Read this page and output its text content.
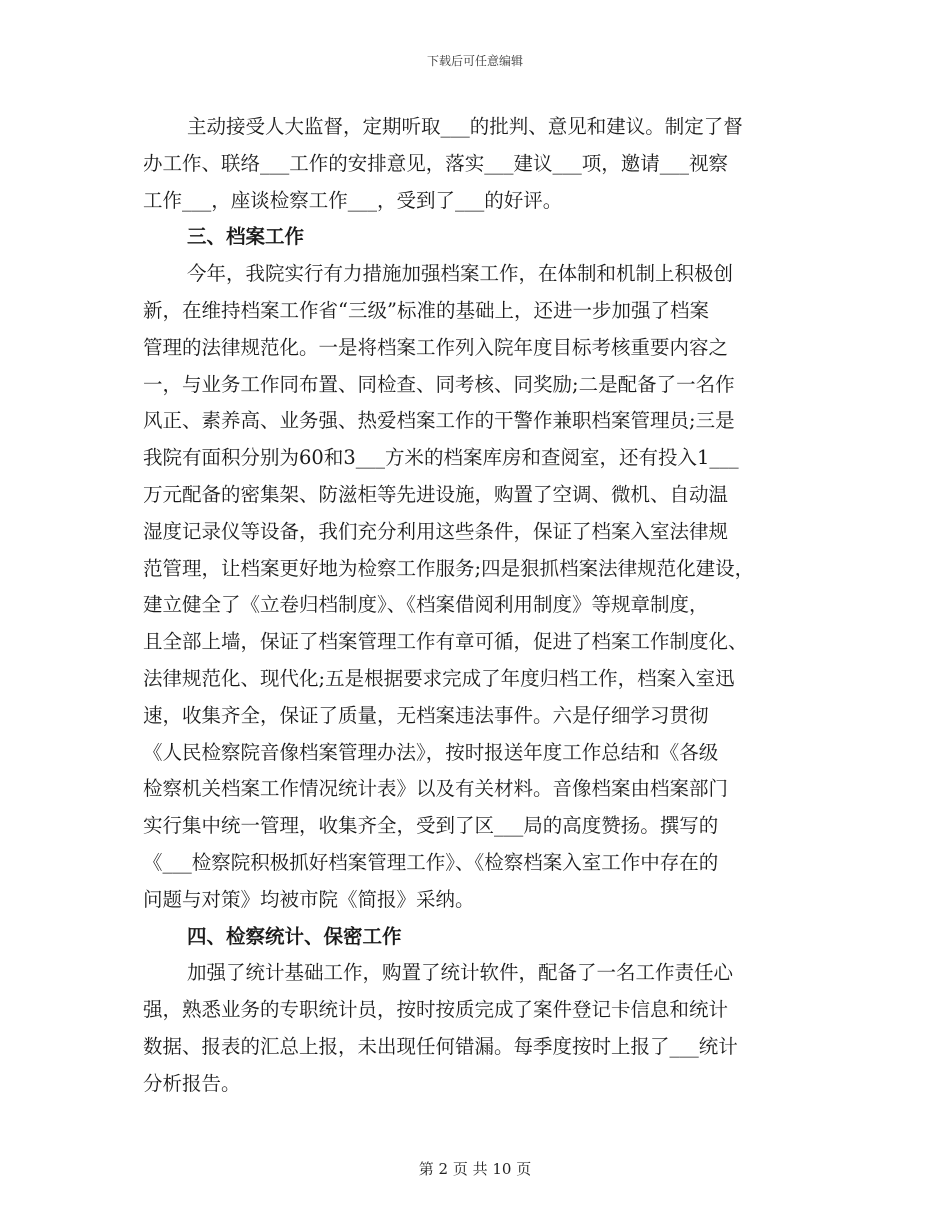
下载后可任意编辑
主动接受人大监督，定期听取___的批判、意见和建议。制定了督
办工作、联络___工作的安排意见，落实___建议___项，邀请___视察
工作___，座谈检察工作___，受到了___的好评。
三、档案工作
今年，我院实行有力措施加强档案工作，在体制和机制上积极创
新，在维持档案工作省“三级”标准的基础上，还进一步加强了档案
管理的法律规范化。一是将档案工作列入院年度目标考核重要内容之
一，与业务工作同布置、同检查、同考核、同奖励;二是配备了一名作
风正、素养高、业务强、热爱档案工作的干警作兼职档案管理员;三是
我院有面积分别为60和3___方米的档案库房和查阅室，还有投入1___
万元配备的密集架、防滋柜等先进设施，购置了空调、微机、自动温
湿度记录仪等设备，我们充分利用这些条件，保证了档案入室法律规
范管理，让档案更好地为检察工作服务;四是狠抓档案法律规范化建设，
建立健全了《立卷归档制度》、《档案借阅利用制度》等规章制度，
且全部上墙，保证了档案管理工作有章可循，促进了档案工作制度化、
法律规范化、现代化;五是根据要求完成了年度归档工作，档案入室迅
速，收集齐全，保证了质量，无档案违法事件。六是仔细学习贯彻
《人民检察院音像档案管理办法》，按时报送年度工作总结和《各级
检察机关档案工作情况统计表》以及有关材料。音像档案由档案部门
实行集中统一管理，收集齐全，受到了区___局的高度赞扬。撰写的
《___检察院积极抓好档案管理工作》、《检察档案入室工作中存在的
问题与对策》均被市院《简报》采纳。
四、检察统计、保密工作
加强了统计基础工作，购置了统计软件，配备了一名工作责任心
强，熟悉业务的专职统计员，按时按质完成了案件登记卡信息和统计
数据、报表的汇总上报，未出现任何错漏。每季度按时上报了___统计
分析报告。
第 2 页 共 10 页
